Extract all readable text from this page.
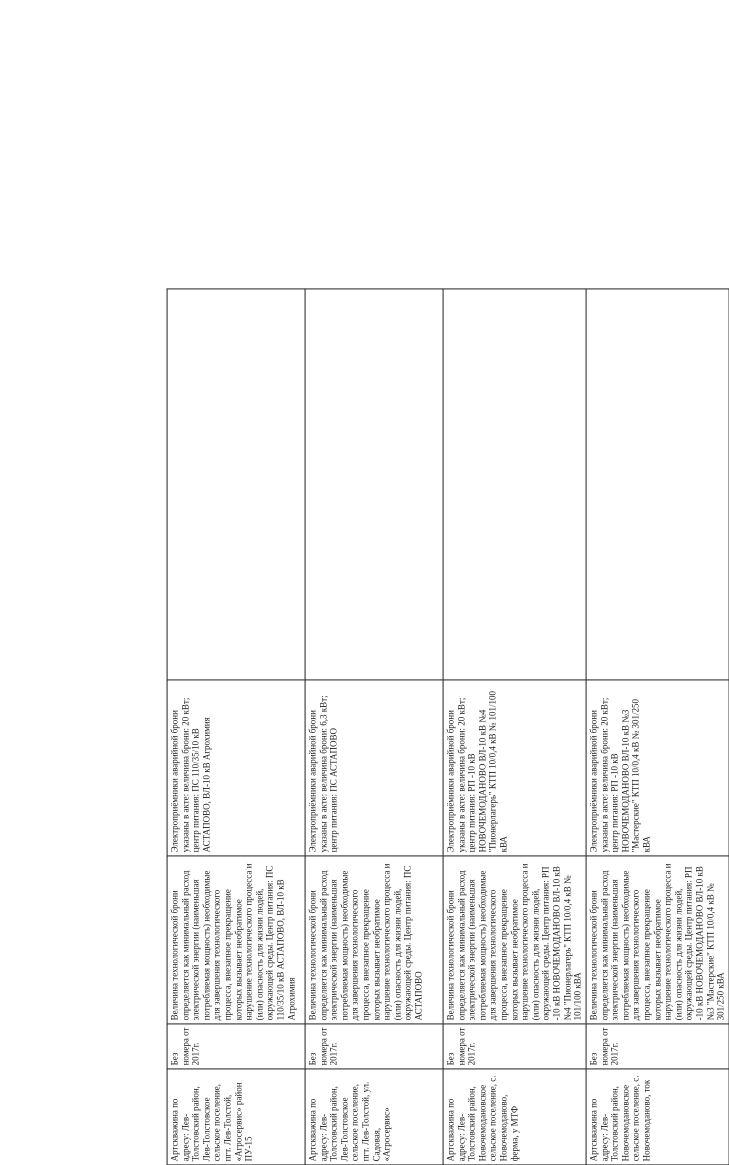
Артскважина по адресу: Лев-Толстовский район, Лев-Толстовское сельское поселение, пгт. Лев-Толстой, «Агросервис» район ПУ-15	Без номера от 2017г.	Величина технологической брони определяется как минимальный расход электрической энергии (наименьшая потребляемая мощность) необходимые для завершения технологического процесса, внезапное прекращение которых вызывает необратимое нарушение технологического процесса и (или) опасность для жизни людей, окружающей среды. Центр питания: ПС 110/35/10 кВ АСТАПОВО, ВЛ-10 кВ Агрохимия	Электроприёмники аварийной брони указаны в акте: величина брони: 20 кВт; центр питания: ПС 110/35/10 кВ АСТАПОВО, ВЛ-10 кВ Агрохимия	
Артскважина по адресу: Лев-Толстовский район, Лев-Толстовское сельское поселение, пгт. Лев-Толстой, ул. Садовая, «Агросервис»	Без номера от 2017г.	Величина технологической брони определяется как минимальный расход электрической энергии (наименьшая потребляемая мощность) необходимые для завершения технологического процесса, внезапное прекращение которых вызывает необратимое нарушение технологического процесса и (или) опасность для жизни людей, окружающей среды. Центр питания: ПС АСТАПОВО	Электроприёмники аварийной брони указаны в акте: величина брони: 6,3 кВт; центр питания: ПС АСТАПОВО	
Артскважина по адресу: Лев-Толстовский район, Новочемодановское сельское поселение, с. Новочемоданово, ферма, у МТФ	Без номера от 2017г.	Величина технологической брони определяется как минимальный расход электрической энергии (наименьшая потребляемая мощность) необходимые для завершения технологического процесса, внезапное прекращение которых вызывает необратимое нарушение технологического процесса и (или) опасность для жизни людей, окружающей среды. Центр питания: РП -10 кВ НОВОЧЕМОДАНОВО ВЛ-10 кВ №4 "Пионерлагерь" КТП 10/0,4 кВ № 101/100 кВА	Электроприёмники аварийной брони указаны в акте: величина брони: 20 кВт; центр питания: РП -10 кВ НОВОЧЕМОДАНОВО ВЛ-10 кВ №4 "Пионерлагерь" КТП 10/0,4 кВ № 101/100 кВА	
Артскважина по адресу: Лев-Толстовский район, Новочемодановское сельское поселение, с. Новочемоданово, ток	Без номера от 2017г.	Величина технологической брони определяется как минимальный расход электрической энергии (наименьшая потребляемая мощность) необходимые для завершения технологического процесса, внезапное прекращение которых вызывает необратимое нарушение технологического процесса и (или) опасность для жизни людей, окружающей среды. Центр питания: РП -10 кВ НОВОЧЕМОДАНОВО ВЛ-10 кВ №3 "Мастерские" КТП 10/0,4 кВ № 301/250 кВА	Электроприёмники аварийной брони указаны в акте: величина брони: 20 кВт; центр питания: РП -10 кВ НОВОЧЕМОДАНОВО ВЛ-10 кВ №3 "Мастерские" КТП 10/0,4 кВ № 301/250 кВА	
